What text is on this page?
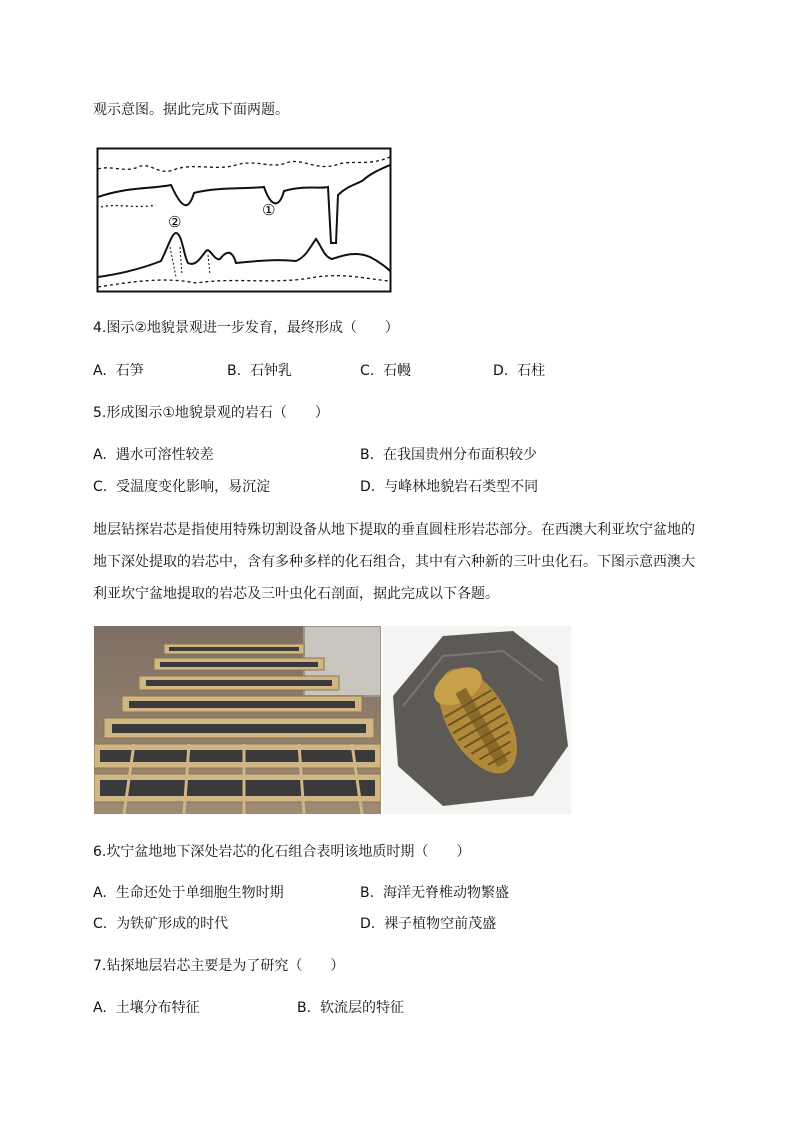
观示意图。据此完成下面两题。
①
②
4.图示②地貌景观进一步发育，最终形成（　　）
A. 石笋	B. 石钟乳	C. 石幔	D. 石柱
5.形成图示①地貌景观的岩石（　　）
A. 遇水可溶性较差	B. 在我国贵州分布面积较少
C. 受温度变化影响，易沉淀	D. 与峰林地貌岩石类型不同
地层钻探岩芯是指使用特殊切割设备从地下提取的垂直圆柱形岩芯部分。在西澳大利亚坎宁盆地的
地下深处提取的岩芯中，含有多种多样的化石组合，其中有六种新的三叶虫化石。下图示意西澳大
利亚坎宁盆地提取的岩芯及三叶虫化石剖面，据此完成以下各题。
6.坎宁盆地地下深处岩芯的化石组合表明该地质时期（　　）
A. 生命还处于单细胞生物时期	B. 海洋无脊椎动物繁盛
C. 为铁矿形成的时代	D. 裸子植物空前茂盛
7.钻探地层岩芯主要是为了研究（　　）
A. 土壤分布特征	B. 软流层的特征
